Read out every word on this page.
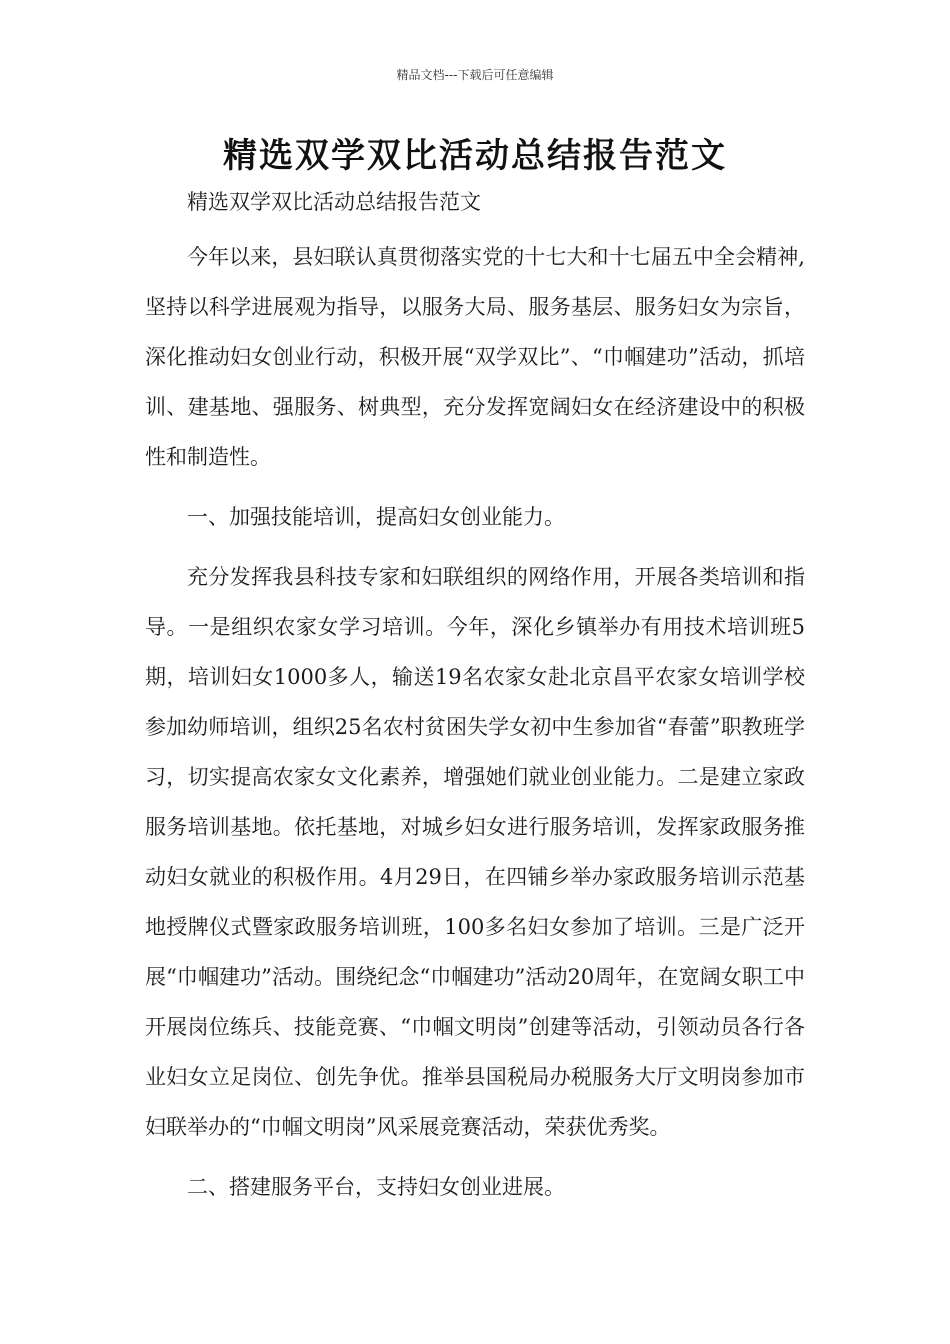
精品文档---下载后可任意编辑
精选双学双比活动总结报告范文

精选双学双比活动总结报告范文

今年以来，县妇联认真贯彻落实党的十七大和十七届五中全会精神,坚持以科学进展观为指导，以服务大局、服务基层、服务妇女为宗旨，深化推动妇女创业行动，积极开展“双学双比”、“巾帼建功”活动，抓培训、建基地、强服务、树典型，充分发挥宽阔妇女在经济建设中的积极性和制造性。

一、加强技能培训，提高妇女创业能力。

充分发挥我县科技专家和妇联组织的网络作用，开展各类培训和指导。一是组织农家女学习培训。今年，深化乡镇举办有用技术培训班5期，培训妇女1000多人，输送19名农家女赴北京昌平农家女培训学校参加幼师培训，组织25名农村贫困失学女初中生参加省“春蕾”职教班学习，切实提高农家女文化素养，增强她们就业创业能力。二是建立家政服务培训基地。依托基地，对城乡妇女进行服务培训，发挥家政服务推动妇女就业的积极作用。4月29日，在四铺乡举办家政服务培训示范基地授牌仪式暨家政服务培训班，100多名妇女参加了培训。三是广泛开展“巾帼建功”活动。围绕纪念“巾帼建功”活动20周年，在宽阔女职工中开展岗位练兵、技能竞赛、“巾帼文明岗”创建等活动，引领动员各行各业妇女立足岗位、创先争优。推举县国税局办税服务大厅文明岗参加市妇联举办的“巾帼文明岗”风采展竞赛活动，荣获优秀奖。

二、搭建服务平台，支持妇女创业进展。
